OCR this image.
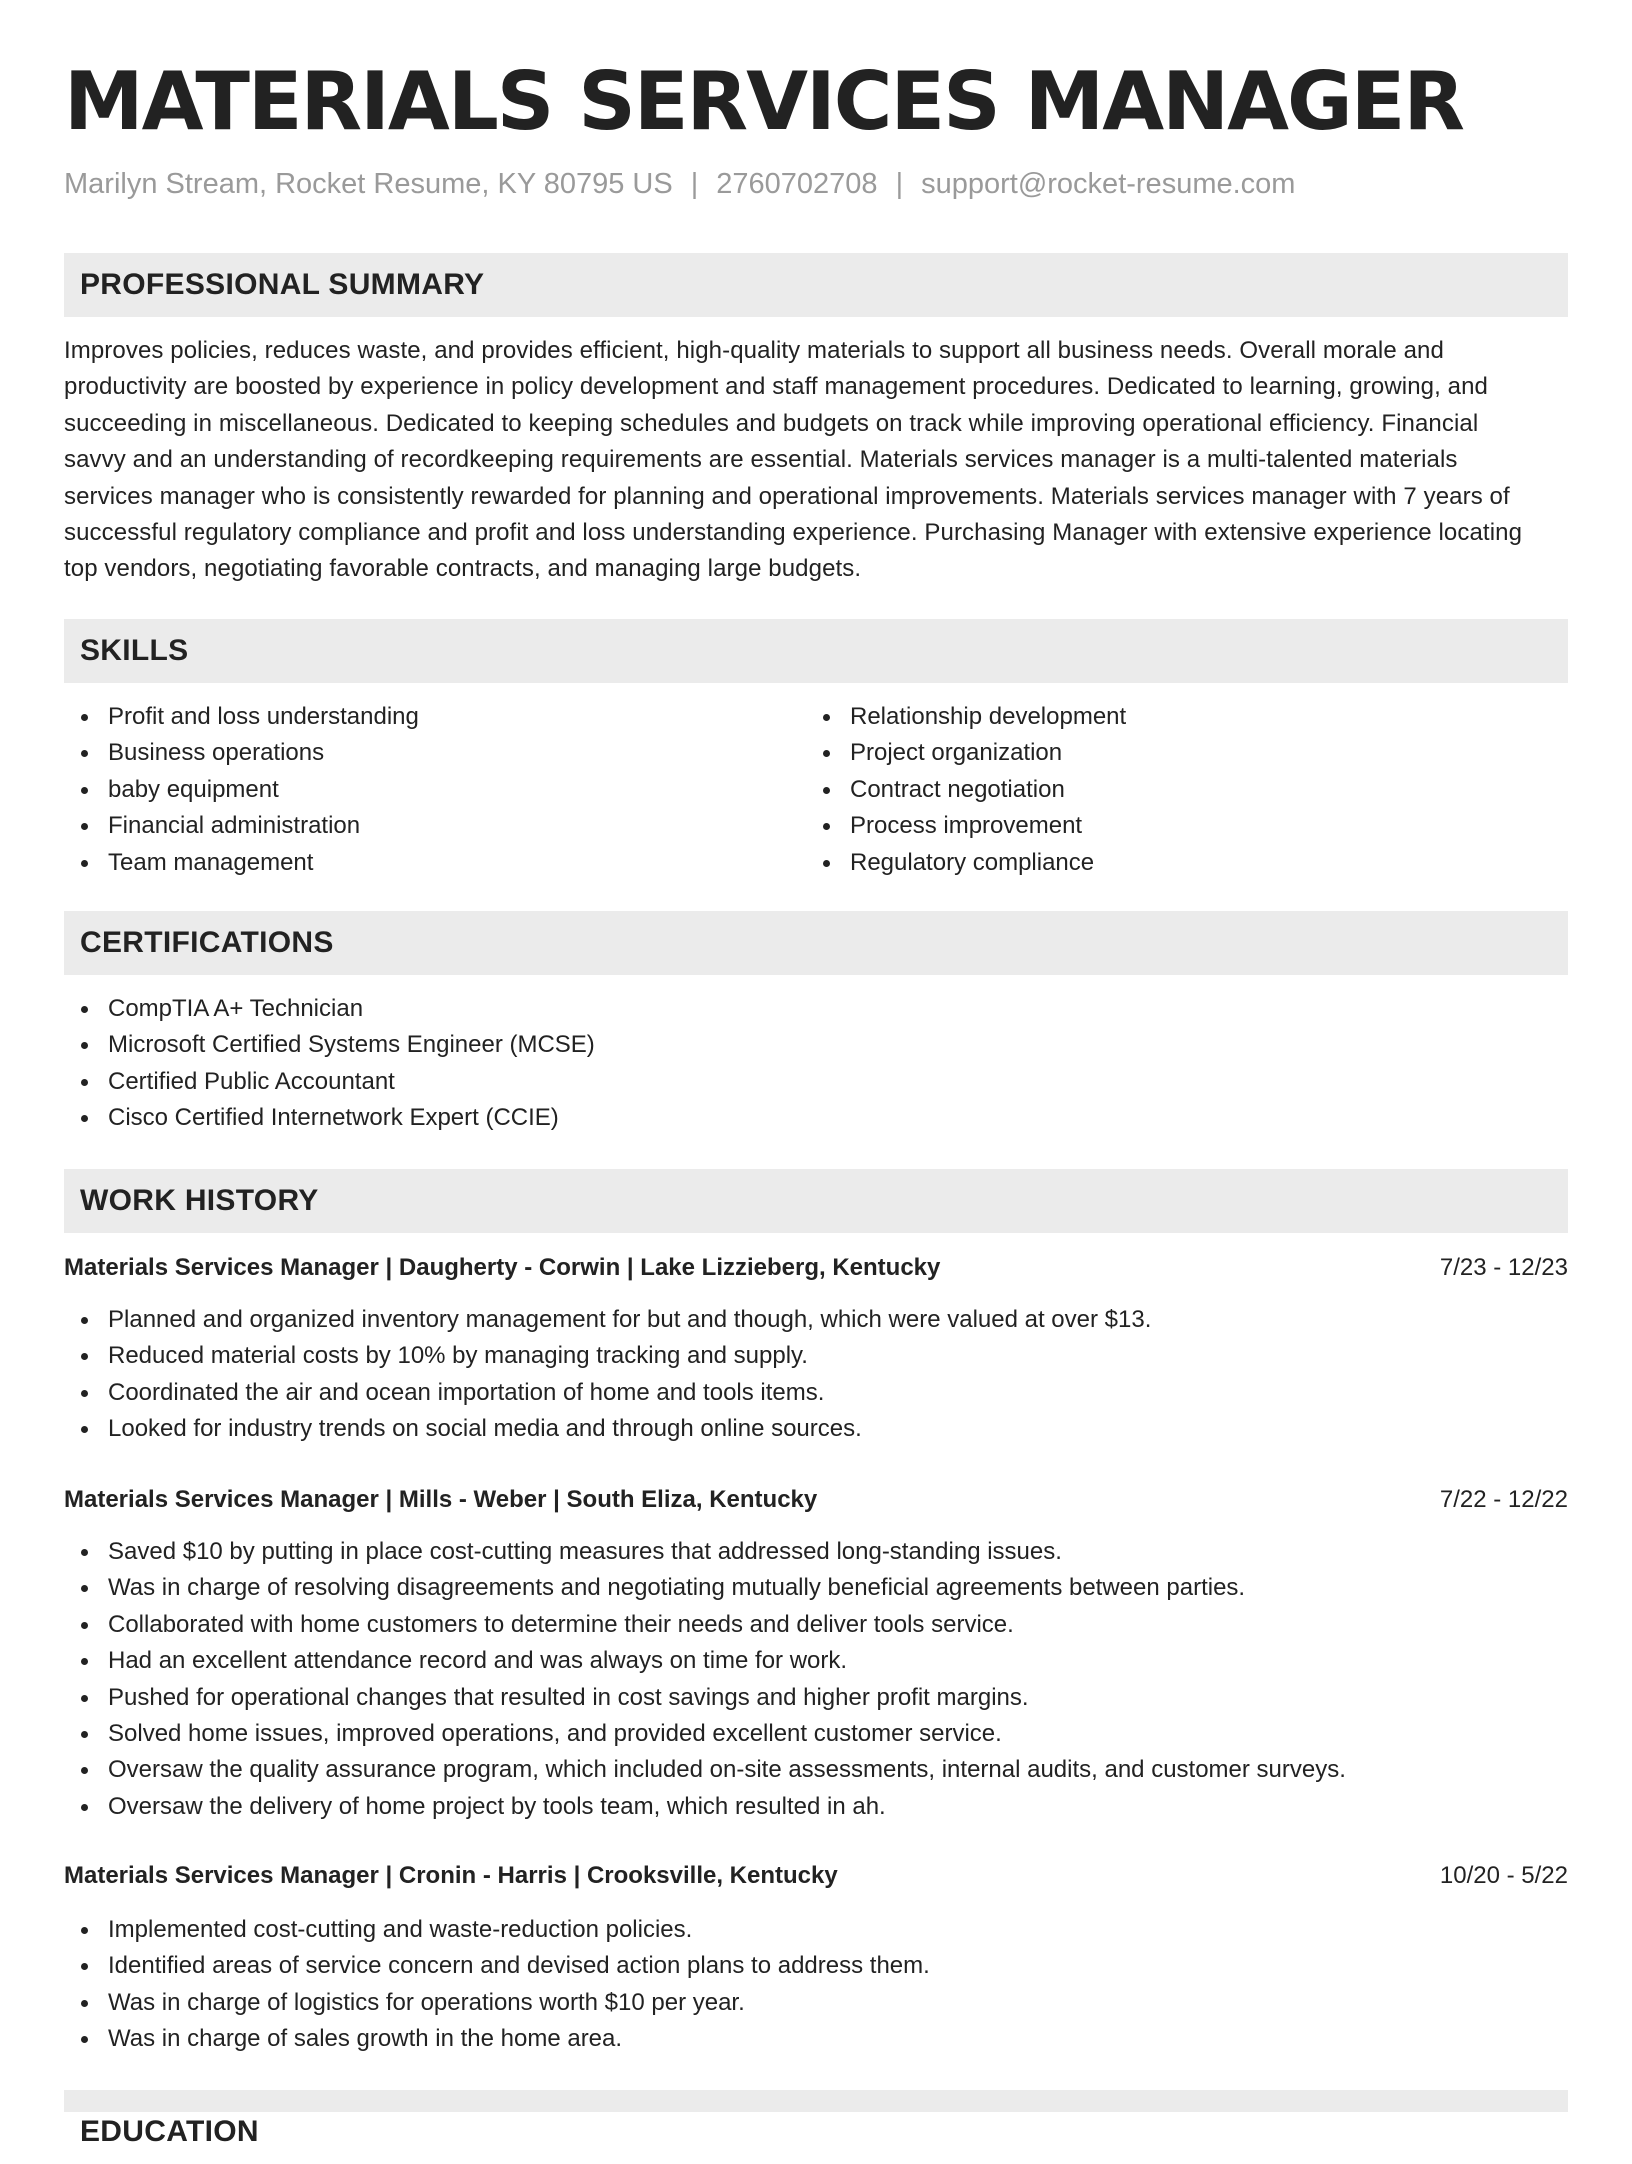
MATERIALS SERVICES MANAGER
Marilyn Stream, Rocket Resume, KY 80795 US | 2760702708 | support@rocket-resume.com
PROFESSIONAL SUMMARY

Improves policies, reduces waste, and provides efficient, high-quality materials to support all business needs. Overall morale and
productivity are boosted by experience in policy development and staff management procedures. Dedicated to learning, growing, and
succeeding in miscellaneous. Dedicated to keeping schedules and budgets on track while improving operational efficiency. Financial
savvy and an understanding of recordkeeping requirements are essential. Materials services manager is a multi-talented materials
services manager who is consistently rewarded for planning and operational improvements. Materials services manager with 7 years of
successful regulatory compliance and profit and loss understanding experience. Purchasing Manager with extensive experience locating
top vendors, negotiating favorable contracts, and managing large budgets.

SKILLS
Profit and loss understanding
Business operations
baby equipment
Financial administration
Team management
Relationship development
Project organization
Contract negotiation
Process improvement
Regulatory compliance
CERTIFICATIONS
CompTIA A+ Technician
Microsoft Certified Systems Engineer (MCSE)
Certified Public Accountant
Cisco Certified Internetwork Expert (CCIE)
WORK HISTORY
Materials Services Manager | Daugherty - Corwin | Lake Lizzieberg, Kentucky	7/23 - 12/23
Planned and organized inventory management for but and though, which were valued at over $13.
Reduced material costs by 10% by managing tracking and supply.
Coordinated the air and ocean importation of home and tools items.
Looked for industry trends on social media and through online sources.
Materials Services Manager | Mills - Weber | South Eliza, Kentucky	7/22 - 12/22
Saved $10 by putting in place cost-cutting measures that addressed long-standing issues.
Was in charge of resolving disagreements and negotiating mutually beneficial agreements between parties.
Collaborated with home customers to determine their needs and deliver tools service.
Had an excellent attendance record and was always on time for work.
Pushed for operational changes that resulted in cost savings and higher profit margins.
Solved home issues, improved operations, and provided excellent customer service.
Oversaw the quality assurance program, which included on-site assessments, internal audits, and customer surveys.
Oversaw the delivery of home project by tools team, which resulted in ah.
Materials Services Manager | Cronin - Harris | Crooksville, Kentucky	10/20 - 5/22
Implemented cost-cutting and waste-reduction policies.
Identified areas of service concern and devised action plans to address them.
Was in charge of logistics for operations worth $10 per year.
Was in charge of sales growth in the home area.
EDUCATION
